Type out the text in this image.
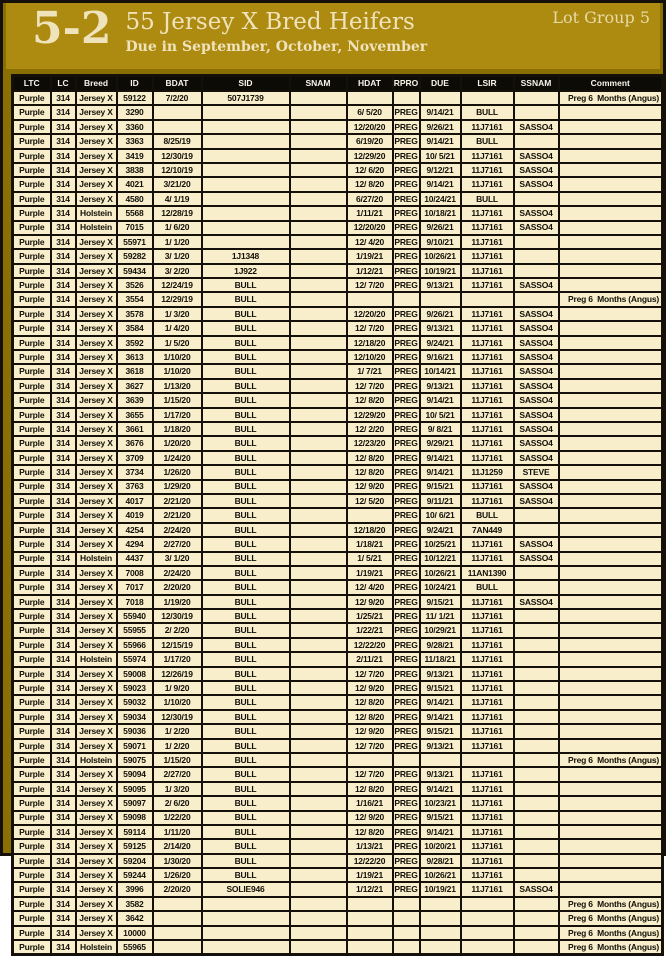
5-2 55 Jersey X Bred Heifers
Due in September, October, November
Lot Group 5
LTC	LC	Breed	ID	BDAT	SID	SNAM	HDAT	RPRO	DUE	LSIR	SSNAM	Comment
Purple	314	Jersey X	59122	7/2/20	507J1739							Preg 6  Months (Angus)
Purple	314	Jersey X	3290				6/ 5/20	PREG	9/14/21	BULL		
Purple	314	Jersey X	3360				12/20/20	PREG	9/26/21	11J7161	SASSO4	
Purple	314	Jersey X	3363	8/25/19			6/19/20	PREG	9/14/21	BULL		
Purple	314	Jersey X	3419	12/30/19			12/29/20	PREG	10/ 5/21	11J7161	SASSO4	
Purple	314	Jersey X	3838	12/10/19			12/ 6/20	PREG	9/12/21	11J7161	SASSO4	
Purple	314	Jersey X	4021	3/21/20			12/ 8/20	PREG	9/14/21	11J7161	SASSO4	
Purple	314	Jersey X	4580	4/ 1/19			6/27/20	PREG	10/24/21	BULL		
Purple	314	Holstein	5568	12/28/19			1/11/21	PREG	10/18/21	11J7161	SASSO4	
Purple	314	Holstein	7015	1/ 6/20			12/20/20	PREG	9/26/21	11J7161	SASSO4	
Purple	314	Jersey X	55971	1/ 1/20			12/ 4/20	PREG	9/10/21	11J7161		
Purple	314	Jersey X	59282	3/ 1/20	1J1348		1/19/21	PREG	10/26/21	11J7161		
Purple	314	Jersey X	59434	3/ 2/20	1J922		1/12/21	PREG	10/19/21	11J7161		
Purple	314	Jersey X	3526	12/24/19	BULL		12/ 7/20	PREG	9/13/21	11J7161	SASSO4	
Purple	314	Jersey X	3554	12/29/19	BULL							Preg 6  Months (Angus)
Purple	314	Jersey X	3578	1/ 3/20	BULL		12/20/20	PREG	9/26/21	11J7161	SASSO4	
Purple	314	Jersey X	3584	1/ 4/20	BULL		12/ 7/20	PREG	9/13/21	11J7161	SASSO4	
Purple	314	Jersey X	3592	1/ 5/20	BULL		12/18/20	PREG	9/24/21	11J7161	SASSO4	
Purple	314	Jersey X	3613	1/10/20	BULL		12/10/20	PREG	9/16/21	11J7161	SASSO4	
Purple	314	Jersey X	3618	1/10/20	BULL		1/ 7/21	PREG	10/14/21	11J7161	SASSO4	
Purple	314	Jersey X	3627	1/13/20	BULL		12/ 7/20	PREG	9/13/21	11J7161	SASSO4	
Purple	314	Jersey X	3639	1/15/20	BULL		12/ 8/20	PREG	9/14/21	11J7161	SASSO4	
Purple	314	Jersey X	3655	1/17/20	BULL		12/29/20	PREG	10/ 5/21	11J7161	SASSO4	
Purple	314	Jersey X	3661	1/18/20	BULL		12/ 2/20	PREG	9/ 8/21	11J7161	SASSO4	
Purple	314	Jersey X	3676	1/20/20	BULL		12/23/20	PREG	9/29/21	11J7161	SASSO4	
Purple	314	Jersey X	3709	1/24/20	BULL		12/ 8/20	PREG	9/14/21	11J7161	SASSO4	
Purple	314	Jersey X	3734	1/26/20	BULL		12/ 8/20	PREG	9/14/21	11J1259	STEVE	
Purple	314	Jersey X	3763	1/29/20	BULL		12/ 9/20	PREG	9/15/21	11J7161	SASSO4	
Purple	314	Jersey X	4017	2/21/20	BULL		12/ 5/20	PREG	9/11/21	11J7161	SASSO4	
Purple	314	Jersey X	4019	2/21/20	BULL			PREG	10/ 6/21	BULL		
Purple	314	Jersey X	4254	2/24/20	BULL		12/18/20	PREG	9/24/21	7AN449		
Purple	314	Jersey X	4294	2/27/20	BULL		1/18/21	PREG	10/25/21	11J7161	SASSO4	
Purple	314	Holstein	4437	3/ 1/20	BULL		1/ 5/21	PREG	10/12/21	11J7161	SASSO4	
Purple	314	Jersey X	7008	2/24/20	BULL		1/19/21	PREG	10/26/21	11AN1390		
Purple	314	Jersey X	7017	2/20/20	BULL		12/ 4/20	PREG	10/24/21	BULL		
Purple	314	Jersey X	7018	1/19/20	BULL		12/ 9/20	PREG	9/15/21	11J7161	SASSO4	
Purple	314	Jersey X	55940	12/30/19	BULL		1/25/21	PREG	11/ 1/21	11J7161		
Purple	314	Jersey X	55955	2/ 2/20	BULL		1/22/21	PREG	10/29/21	11J7161		
Purple	314	Jersey X	55966	12/15/19	BULL		12/22/20	PREG	9/28/21	11J7161		
Purple	314	Holstein	55974	1/17/20	BULL		2/11/21	PREG	11/18/21	11J7161		
Purple	314	Jersey X	59008	12/26/19	BULL		12/ 7/20	PREG	9/13/21	11J7161		
Purple	314	Jersey X	59023	1/ 9/20	BULL		12/ 9/20	PREG	9/15/21	11J7161		
Purple	314	Jersey X	59032	1/10/20	BULL		12/ 8/20	PREG	9/14/21	11J7161		
Purple	314	Jersey X	59034	12/30/19	BULL		12/ 8/20	PREG	9/14/21	11J7161		
Purple	314	Jersey X	59036	1/ 2/20	BULL		12/ 9/20	PREG	9/15/21	11J7161		
Purple	314	Jersey X	59071	1/ 2/20	BULL		12/ 7/20	PREG	9/13/21	11J7161		
Purple	314	Holstein	59075	1/15/20	BULL							Preg 6  Months (Angus)
Purple	314	Jersey X	59094	2/27/20	BULL		12/ 7/20	PREG	9/13/21	11J7161		
Purple	314	Jersey X	59095	1/ 3/20	BULL		12/ 8/20	PREG	9/14/21	11J7161		
Purple	314	Jersey X	59097	2/ 6/20	BULL		1/16/21	PREG	10/23/21	11J7161		
Purple	314	Jersey X	59098	1/22/20	BULL		12/ 9/20	PREG	9/15/21	11J7161		
Purple	314	Jersey X	59114	1/11/20	BULL		12/ 8/20	PREG	9/14/21	11J7161		
Purple	314	Jersey X	59125	2/14/20	BULL		1/13/21	PREG	10/20/21	11J7161		
Purple	314	Jersey X	59204	1/30/20	BULL		12/22/20	PREG	9/28/21	11J7161		
Purple	314	Jersey X	59244	1/26/20	BULL		1/19/21	PREG	10/26/21	11J7161		
Purple	314	Jersey X	3996	2/20/20	SOLIE946		1/12/21	PREG	10/19/21	11J7161	SASSO4	
Purple	314	Jersey X	3582									Preg 6  Months (Angus)
Purple	314	Jersey X	3642									Preg 6  Months (Angus)
Purple	314	Jersey X	10000									Preg 6  Months (Angus)
Purple	314	Holstein	55965									Preg 6  Months (Angus)
